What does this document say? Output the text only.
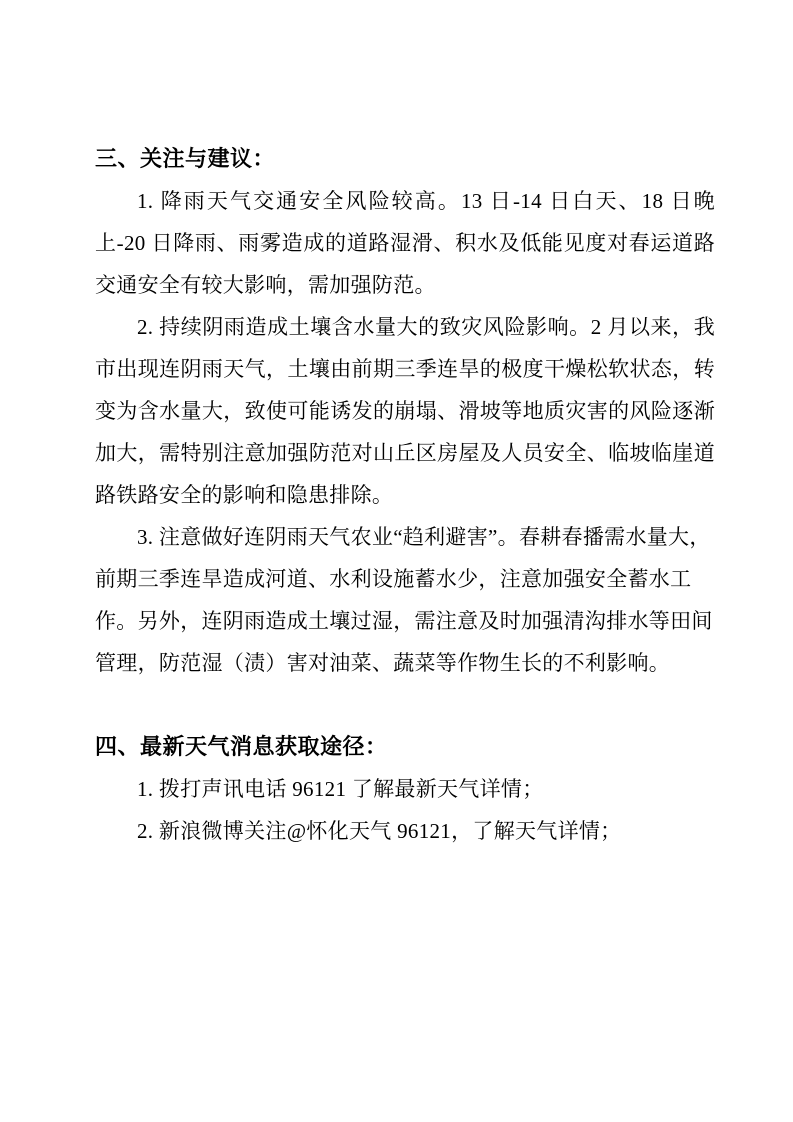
三、关注与建议：

1. 降雨天气交通安全风险较高。13 日-14 日白天、18 日晚上-20 日降雨、雨雾造成的道路湿滑、积水及低能见度对春运道路交通安全有较大影响，需加强防范。

2. 持续阴雨造成土壤含水量大的致灾风险影响。2 月以来，我市出现连阴雨天气，土壤由前期三季连旱的极度干燥松软状态，转变为含水量大，致使可能诱发的崩塌、滑坡等地质灾害的风险逐渐加大，需特别注意加强防范对山丘区房屋及人员安全、临坡临崖道路铁路安全的影响和隐患排除。

3. 注意做好连阴雨天气农业“趋利避害”。春耕春播需水量大，前期三季连旱造成河道、水利设施蓄水少，注意加强安全蓄水工作。另外，连阴雨造成土壤过湿，需注意及时加强清沟排水等田间管理，防范湿（渍）害对油菜、蔬菜等作物生长的不利影响。

四、最新天气消息获取途径：

1. 拨打声讯电话 96121 了解最新天气详情；

2. 新浪微博关注@怀化天气 96121，了解天气详情；
